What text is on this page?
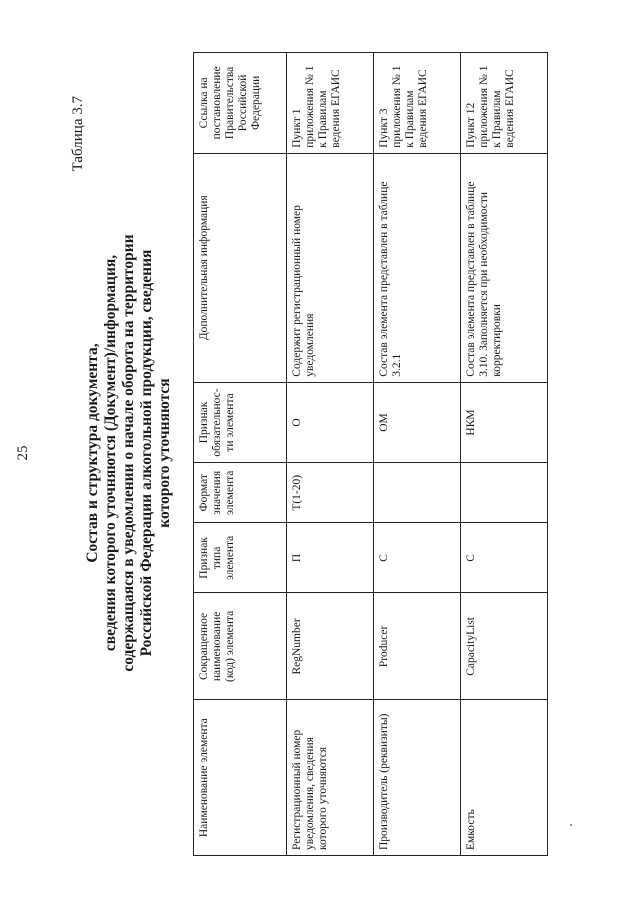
25
Таблица 3.7
Состав и структура документа, сведения которого уточняются (Документ)/информация, содержащаяся в уведомлении о начале оборота на территории Российской Федерации алкогольной продукции, сведения которого уточняются
Наименование элемента	Сокращенное наименование (код) элемента	Признак типа элемента	Формат значения элемента	Признак обязательнос-ти элемента	Дополнительная информация	Ссылка на постановление Правительства Российской Федерации
Регистрационный номер уведомления, сведения которого уточняются	RegNumber	П	T(1-20)	О	Содержит регистрационный номер уведомления	Пункт 1 приложения № 1 к Правилам ведения ЕГАИС
Производитель (реквизиты)	Producer	С		ОМ	Состав элемента представлен в таблице 3.2.1	Пункт 3 приложения № 1 к Правилам ведения ЕГАИС
Емкость	CapacityList	С		НКМ	Состав элемента представлен в таблице 3.10. Заполняется при необходимости корректировки	Пункт 12 приложения № 1 к Правилам ведения ЕГАИС
